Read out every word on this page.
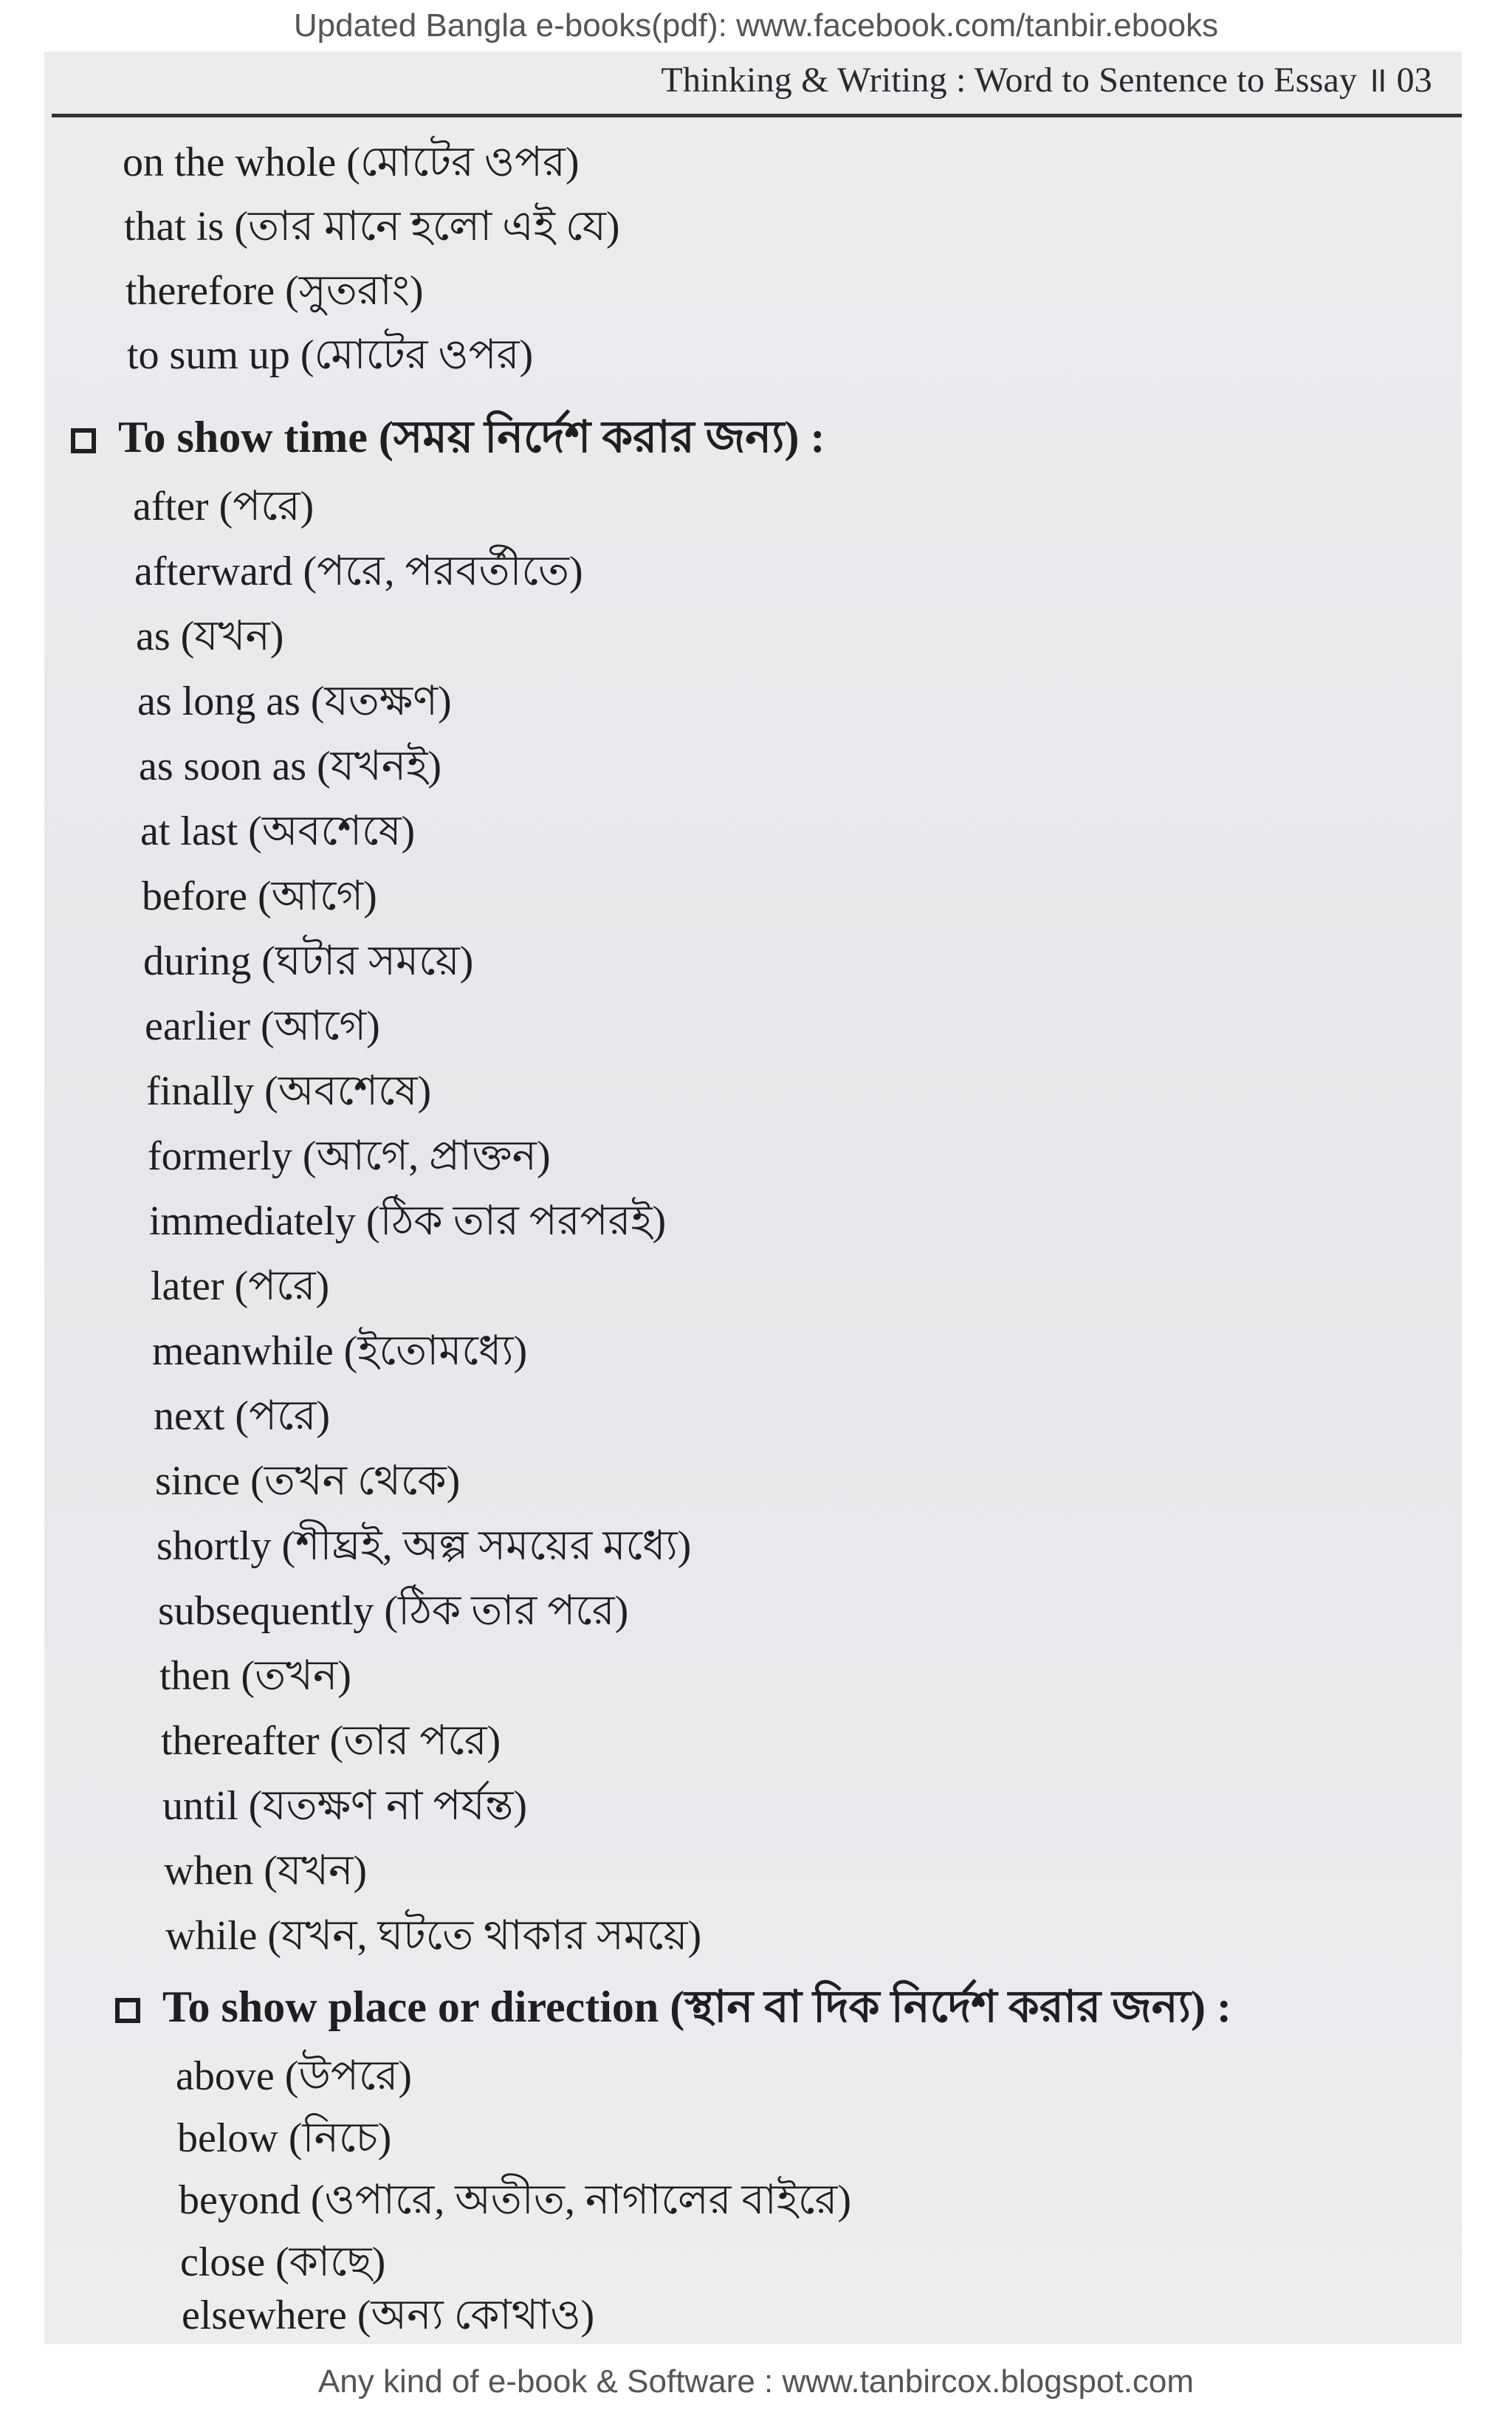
Updated Bangla e-books(pdf): www.facebook.com/tanbir.ebooks
Thinking & Writing : Word to Sentence to Essay ॥ 03
on the whole (মোটের ওপর)
that is (তার মানে হলো এই যে)
therefore (সুতরাং)
to sum up (মোটের ওপর)
To show time (সময় নির্দেশ করার জন্য) :
after (পরে)
afterward (পরে, পরবর্তীতে)
as (যখন)
as long as (যতক্ষণ)
as soon as (যখনই)
at last (অবশেষে)
before (আগে)
during (ঘটার সময়ে)
earlier (আগে)
finally (অবশেষে)
formerly (আগে, প্রাক্তন)
immediately (ঠিক তার পরপরই)
later (পরে)
meanwhile (ইতোমধ্যে)
next (পরে)
since (তখন থেকে)
shortly (শীঘ্রই, অল্প সময়ের মধ্যে)
subsequently (ঠিক তার পরে)
then (তখন)
thereafter (তার পরে)
until (যতক্ষণ না পর্যন্ত)
when (যখন)
while (যখন, ঘটতে থাকার সময়ে)
To show place or direction (স্থান বা দিক নির্দেশ করার জন্য) :
above (উপরে)
below (নিচে)
beyond (ওপারে, অতীত, নাগালের বাইরে)
close (কাছে)
elsewhere (অন্য কোথাও)
Any kind of e-book & Software : www.tanbircox.blogspot.com
